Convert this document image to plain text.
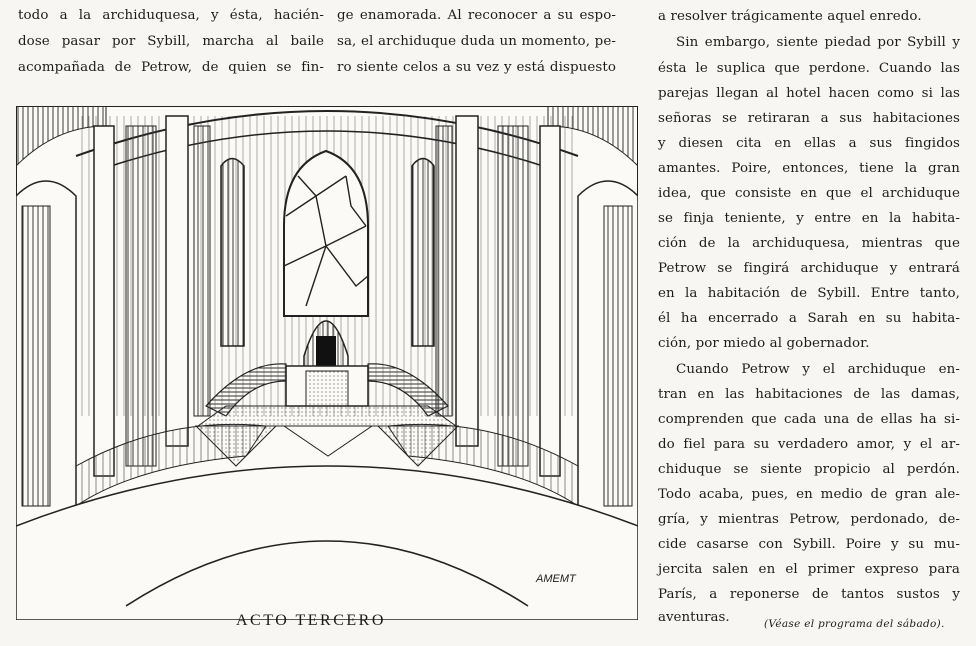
todo a la archiduquesa, y ésta, hacién-
dose pasar por Sybill, marcha al baile
acompañada de Petrow, de quien se fin-
ge enamorada. Al reconocer a su espo-
sa, el archiduque duda un momento, pe-
ro siente celos a su vez y está dispuesto
a resolver trágicamente aquel enredo.
Sin embargo, siente piedad por Sybill y
ésta le suplica que perdone. Cuando las
parejas llegan al hotel hacen como si las
señoras se retiraran a sus habitaciones
y diesen cita en ellas a sus fingidos
amantes. Poire, entonces, tiene la gran
idea, que consiste en que el archiduque
se finja teniente, y entre en la habita-
ción de la archiduquesa, mientras que
Petrow se fingirá archiduque y entrará
en la habitación de Sybill. Entre tanto,
él ha encerrado a Sarah en su habita-
ción, por miedo al gobernador.
Cuando Petrow y el archiduque en-
tran en las habitaciones de las damas,
comprenden que cada una de ellas ha si-
do fiel para su verdadero amor, y el ar-
chiduque se siente propicio al perdón.
Todo acaba, pues, en medio de gran ale-
gría, y mientras Petrow, perdonado, de-
cide casarse con Sybill. Poire y su mu-
jercita salen en el primer expreso para
París, a reponerse de tantos sustos y
aventuras.	(Véase el programa del sábado).
AMEMT
ACTO TERCERO
